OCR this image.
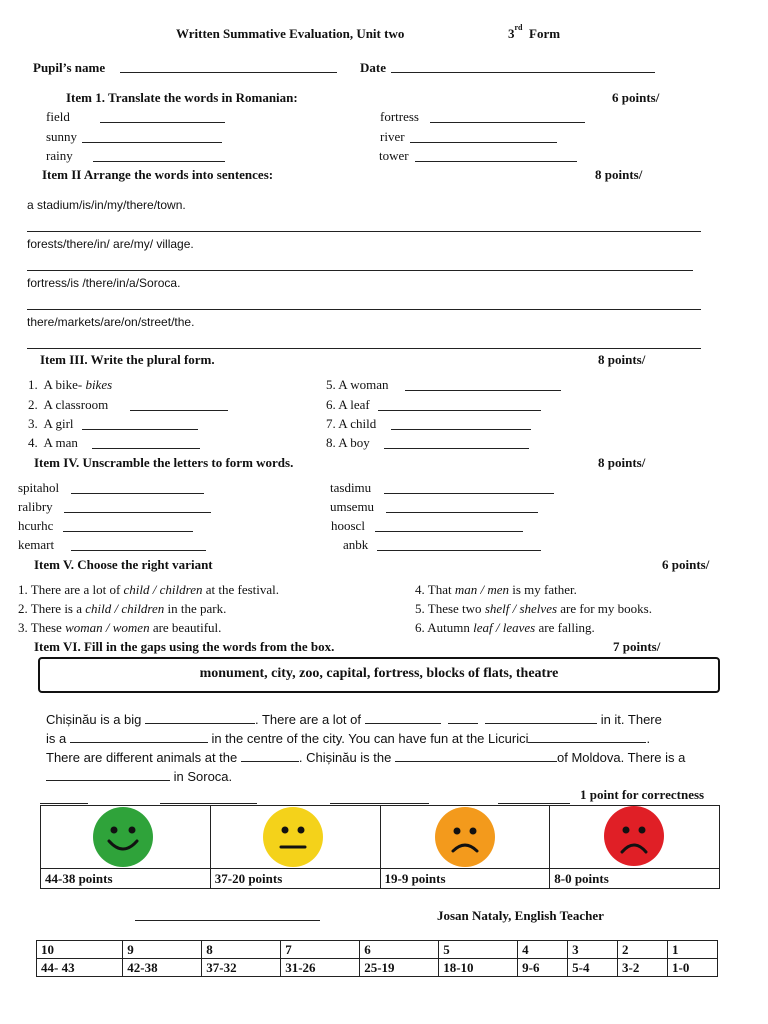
Written Summative Evaluation, Unit two	3rd Form
Pupil’s name	Date
Item 1. Translate the words in Romanian:	6 points/
field
sunny
rainy
fortress
river
tower
Item II Arrange the words into sentences:	8 points/
a stadium/is/in/my/there/town.
forests/there/in/ are/my/ village.
fortress/is /there/in/a/Soroca.
there/markets/are/on/street/the.
Item III. Write the plural form.	8 points/
1. A bike- bikes
2. A classroom
3. A girl
4. A man
5. A woman
6. A leaf
7. A child
8. A boy
Item IV. Unscramble the letters to form words.	8 points/
spitahol
ralibry
hcurhc
kemart
tasdimu
umsemu
hooscl
anbk
Item V. Choose the right variant	6 points/
1. There are a lot of child / children at the festival.
2. There is a child / children in the park.
3. These woman / women are beautiful.
4. That man / men is my father.
5. These two shelf / shelves are for my books.
6. Autumn leaf / leaves are falling.
Item VI. Fill in the gaps using the words from the box.	7 points/
monument, city, zoo, capital, fortress, blocks of flats, theatre
Chișinău is a big	. There are a lot of	in it. There
is a	in the centre of the city. You can have fun at the Licurici	.
There are different animals at the	. Chișinău is the	of Moldova. There is a
in Soroca.
1 point for correctness

44-38 points	37-20 points	19-9 points	8-0 points
Josan Nataly, English Teacher
10	9	8	7	6	5	4	3	2	1
44- 43	42-38	37-32	31-26	25-19	18-10	9-6	5-4	3-2	1-0
